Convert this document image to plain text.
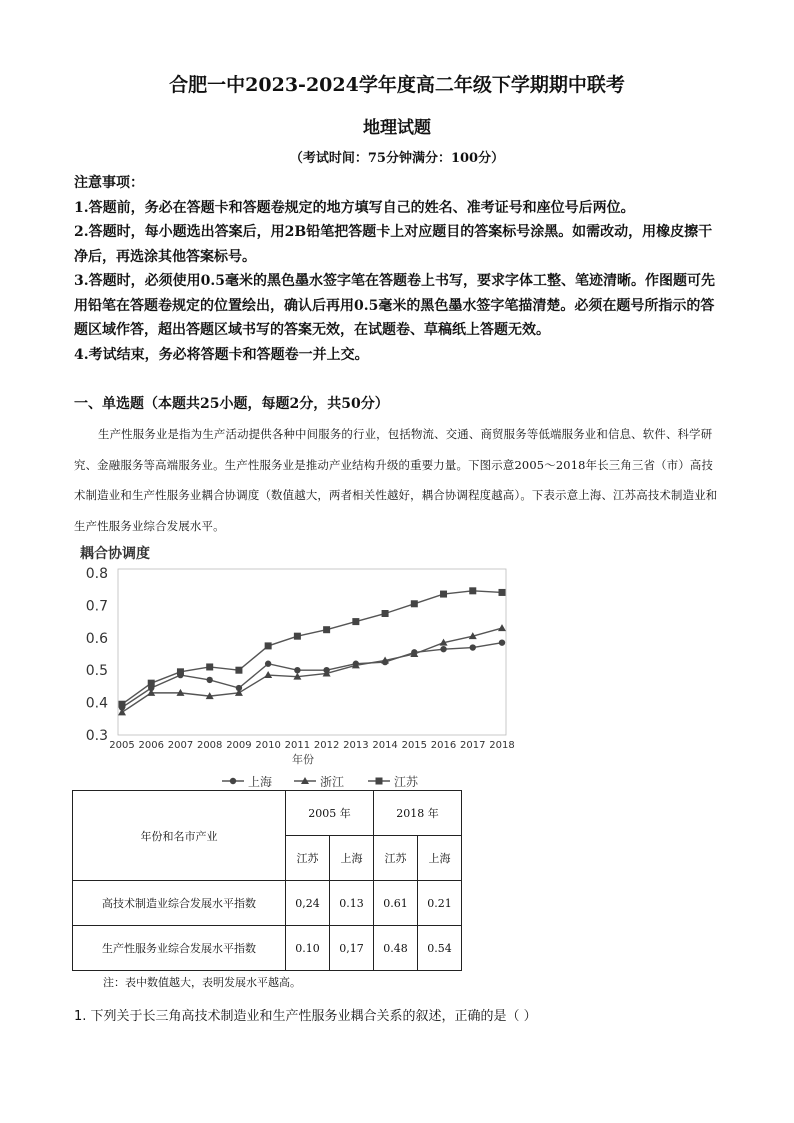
合肥一中2023-2024学年度高二年级下学期期中联考
地理试题
（考试时间：75分钟满分：100分）
注意事项：
1.答题前，务必在答题卡和答题卷规定的地方填写自己的姓名、准考证号和座位号后两位。
2.答题时，每小题选出答案后，用2B铅笔把答题卡上对应题目的答案标号涂黑。如需改动，用橡皮擦干净后，再选涂其他答案标号。
3.答题时，必须使用0.5毫米的黑色墨水签字笔在答题卷上书写，要求字体工整、笔迹清晰。作图题可先用铅笔在答题卷规定的位置绘出，确认后再用0.5毫米的黑色墨水签字笔描清楚。必须在题号所指示的答题区域作答，超出答题区域书写的答案无效，在试题卷、草稿纸上答题无效。
4.考试结束，务必将答题卡和答题卷一并上交。
一、单选题（本题共25小题，每题2分，共50分）
生产性服务业是指为生产活动提供各种中间服务的行业，包括物流、交通、商贸服务等低端服务业和信息、软件、科学研究、金融服务等高端服务业。生产性服务业是推动产业结构升级的重要力量。下图示意2005～2018年长三角三省（市）高技术制造业和生产性服务业耦合协调度（数值越大，两者相关性越好，耦合协调程度越高）。下表示意上海、江苏高技术制造业和生产性服务业综合发展水平。
耦合协调度
0.8
0.7
0.6
0.5
0.4
0.3
2005 2006 2007 2008 2009 2010 2011 2012 2013 2014 2015 2016 2017 2018
年份
上海	浙江	江苏
年份和名市产业	2005 年		2018 年	
	江苏	上海	江苏	上海
高技术制造业综合发展水平指数	0,24	0.13	0.61	0.21
生产性服务业综合发展水平指数	0.10	0,17	0.48	0.54
注：表中数值越大，表明发展水平越高。
1. 下列关于长三角高技术制造业和生产性服务业耦合关系的叙述，正确的是（ ）
